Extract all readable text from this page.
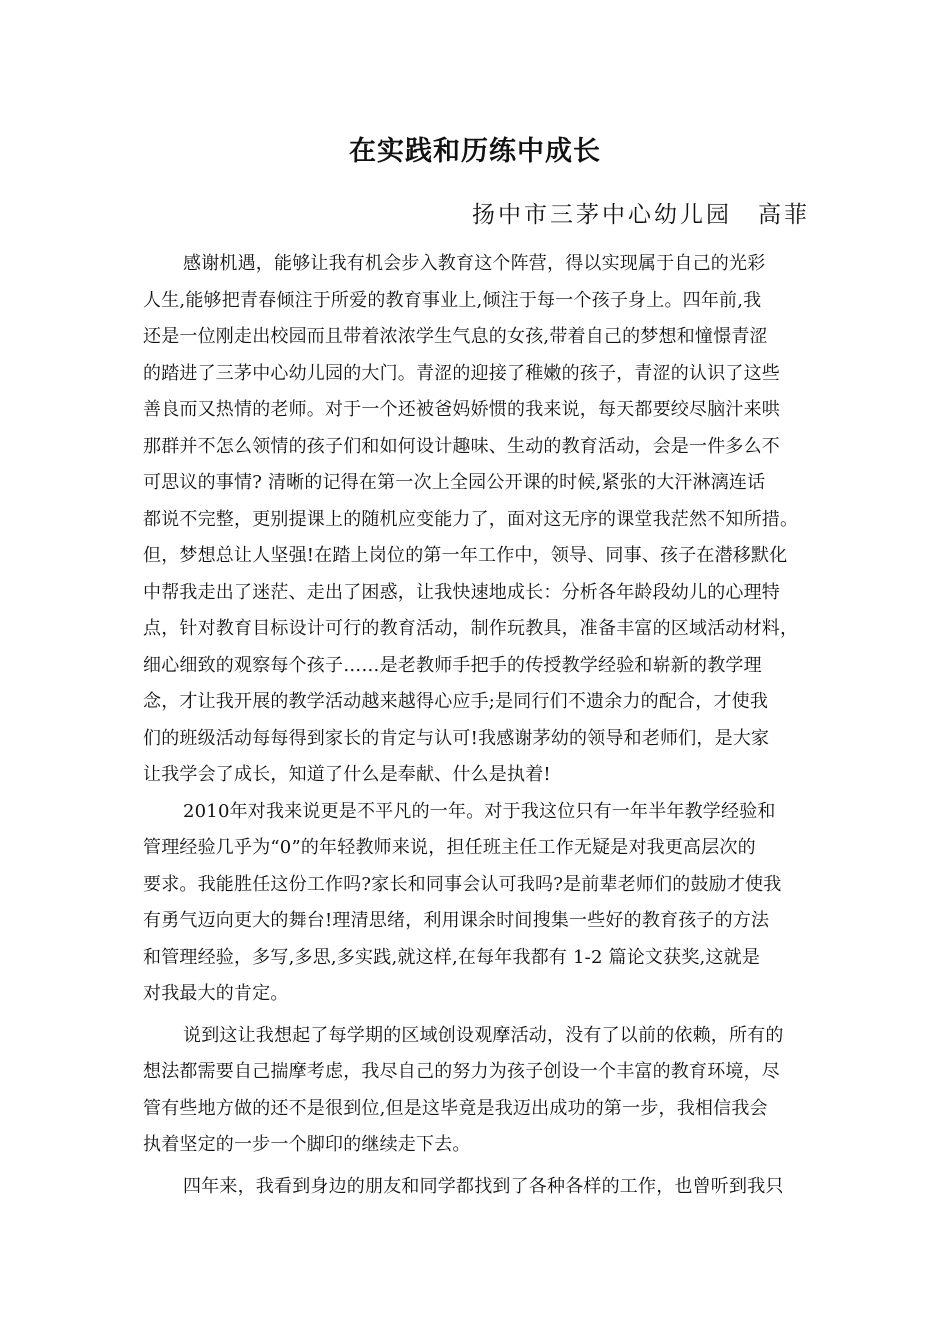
在实践和历练中成长
扬中市三茅中心幼儿园　高菲
感谢机遇，能够让我有机会步入教育这个阵营，得以实现属于自己的光彩
人生,能够把青春倾注于所爱的教育事业上,倾注于每一个孩子身上。四年前,我
还是一位刚走出校园而且带着浓浓学生气息的女孩,带着自己的梦想和憧憬青涩
的踏进了三茅中心幼儿园的大门。青涩的迎接了稚嫩的孩子，青涩的认识了这些
善良而又热情的老师。对于一个还被爸妈娇惯的我来说，每天都要绞尽脑汁来哄
那群并不怎么领情的孩子们和如何设计趣味、生动的教育活动，会是一件多么不
可思议的事情? 清晰的记得在第一次上全园公开课的时候,紧张的大汗淋漓连话
都说不完整，更别提课上的随机应变能力了，面对这无序的课堂我茫然不知所措。
但，梦想总让人坚强!在踏上岗位的第一年工作中，领导、同事、孩子在潜移默化
中帮我走出了迷茫、走出了困惑，让我快速地成长：分析各年龄段幼儿的心理特
点，针对教育目标设计可行的教育活动，制作玩教具，准备丰富的区域活动材料，
细心细致的观察每个孩子……是老教师手把手的传授教学经验和崭新的教学理
念，才让我开展的教学活动越来越得心应手;是同行们不遗余力的配合，才使我
们的班级活动每每得到家长的肯定与认可!我感谢茅幼的领导和老师们，是大家
让我学会了成长，知道了什么是奉献、什么是执着!
2010年对我来说更是不平凡的一年。对于我这位只有一年半年教学经验和
管理经验几乎为“0”的年轻教师来说，担任班主任工作无疑是对我更高层次的
要求。我能胜任这份工作吗?家长和同事会认可我吗?是前辈老师们的鼓励才使我
有勇气迈向更大的舞台!理清思绪，利用课余时间搜集一些好的教育孩子的方法
和管理经验，多写,多思,多实践,就这样,在每年我都有 1-2 篇论文获奖,这就是
对我最大的肯定。
说到这让我想起了每学期的区域创设观摩活动，没有了以前的依赖，所有的
想法都需要自己揣摩考虑，我尽自己的努力为孩子创设一个丰富的教育环境，尽
管有些地方做的还不是很到位,但是这毕竟是我迈出成功的第一步，我相信我会
执着坚定的一步一个脚印的继续走下去。
四年来，我看到身边的朋友和同学都找到了各种各样的工作，也曾听到我只
